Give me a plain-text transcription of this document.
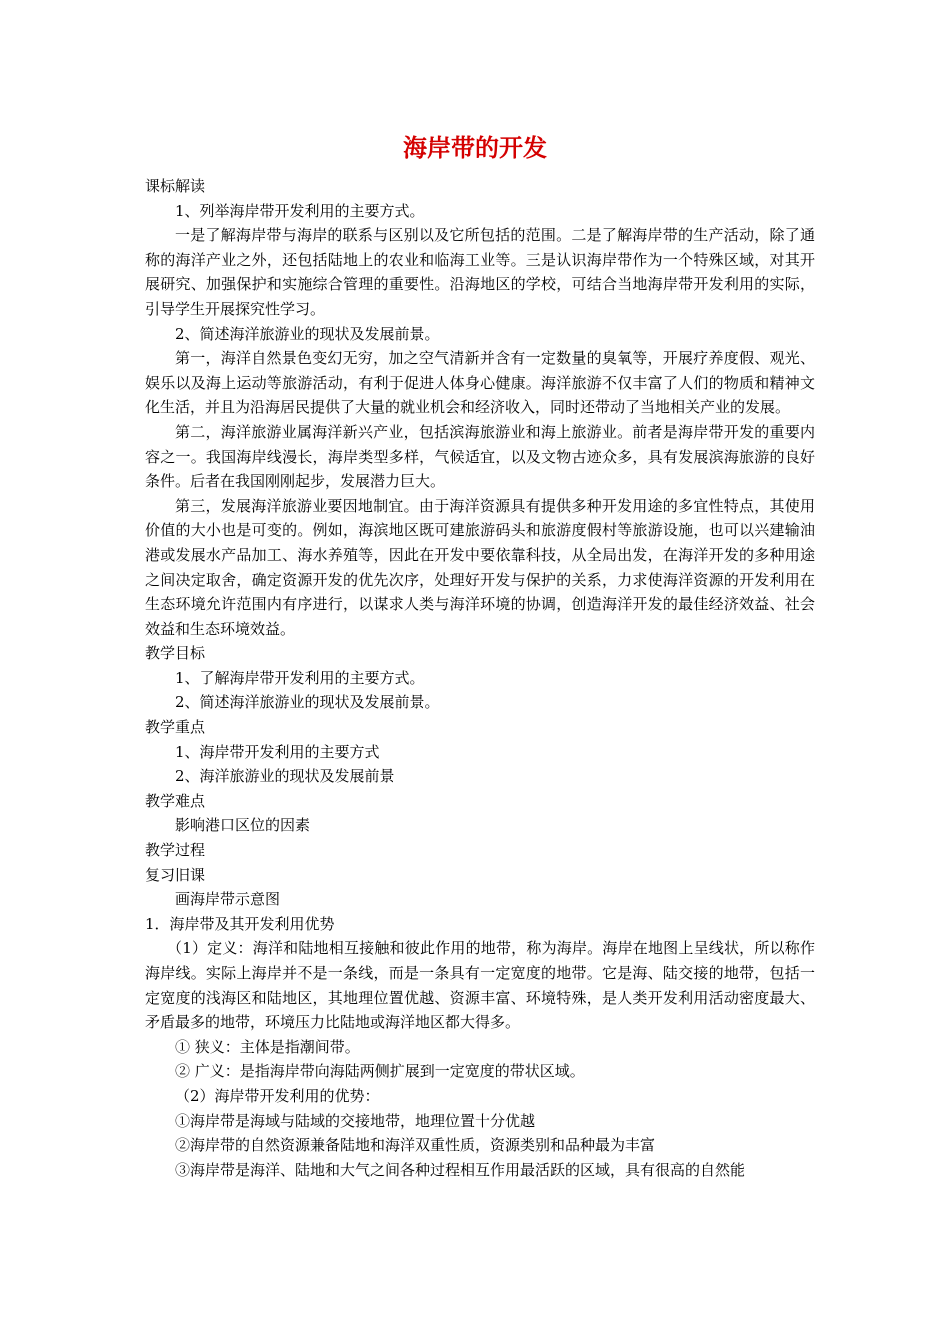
海岸带的开发

课标解读

1、列举海岸带开发利用的主要方式。

一是了解海岸带与海岸的联系与区别以及它所包括的范围。二是了解海岸带的生产活动，除了通称的海洋产业之外，还包括陆地上的农业和临海工业等。三是认识海岸带作为一个特殊区域，对其开展研究、加强保护和实施综合管理的重要性。沿海地区的学校，可结合当地海岸带开发利用的实际，引导学生开展探究性学习。

2、简述海洋旅游业的现状及发展前景。

第一，海洋自然景色变幻无穷，加之空气清新并含有一定数量的臭氧等，开展疗养度假、观光、娱乐以及海上运动等旅游活动，有利于促进人体身心健康。海洋旅游不仅丰富了人们的物质和精神文化生活，并且为沿海居民提供了大量的就业机会和经济收入，同时还带动了当地相关产业的发展。

第二，海洋旅游业属海洋新兴产业，包括滨海旅游业和海上旅游业。前者是海岸带开发的重要内容之一。我国海岸线漫长，海岸类型多样，气候适宜，以及文物古迹众多，具有发展滨海旅游的良好条件。后者在我国刚刚起步，发展潜力巨大。

第三，发展海洋旅游业要因地制宜。由于海洋资源具有提供多种开发用途的多宜性特点，其使用价值的大小也是可变的。例如，海滨地区既可建旅游码头和旅游度假村等旅游设施，也可以兴建输油港或发展水产品加工、海水养殖等，因此在开发中要依靠科技，从全局出发，在海洋开发的多种用途之间决定取舍，确定资源开发的优先次序，处理好开发与保护的关系，力求使海洋资源的开发利用在生态环境允许范围内有序进行，以谋求人类与海洋环境的协调，创造海洋开发的最佳经济效益、社会效益和生态环境效益。

教学目标

1、了解海岸带开发利用的主要方式。

2、简述海洋旅游业的现状及发展前景。

教学重点

1、海岸带开发利用的主要方式

2、海洋旅游业的现状及发展前景

教学难点

影响港口区位的因素

教学过程

复习旧课

画海岸带示意图

1．海岸带及其开发利用优势

（1）定义：海洋和陆地相互接触和彼此作用的地带，称为海岸。海岸在地图上呈线状，所以称作海岸线。实际上海岸并不是一条线，而是一条具有一定宽度的地带。它是海、陆交接的地带，包括一定宽度的浅海区和陆地区，其地理位置优越、资源丰富、环境特殊，是人类开发利用活动密度最大、矛盾最多的地带，环境压力比陆地或海洋地区都大得多。

① 狭义：主体是指潮间带。

② 广义：是指海岸带向海陆两侧扩展到一定宽度的带状区域。

（2）海岸带开发利用的优势：

①海岸带是海域与陆域的交接地带，地理位置十分优越

②海岸带的自然资源兼备陆地和海洋双重性质，资源类别和品种最为丰富

③海岸带是海洋、陆地和大气之间各种过程相互作用最活跃的区域，具有很高的自然能
